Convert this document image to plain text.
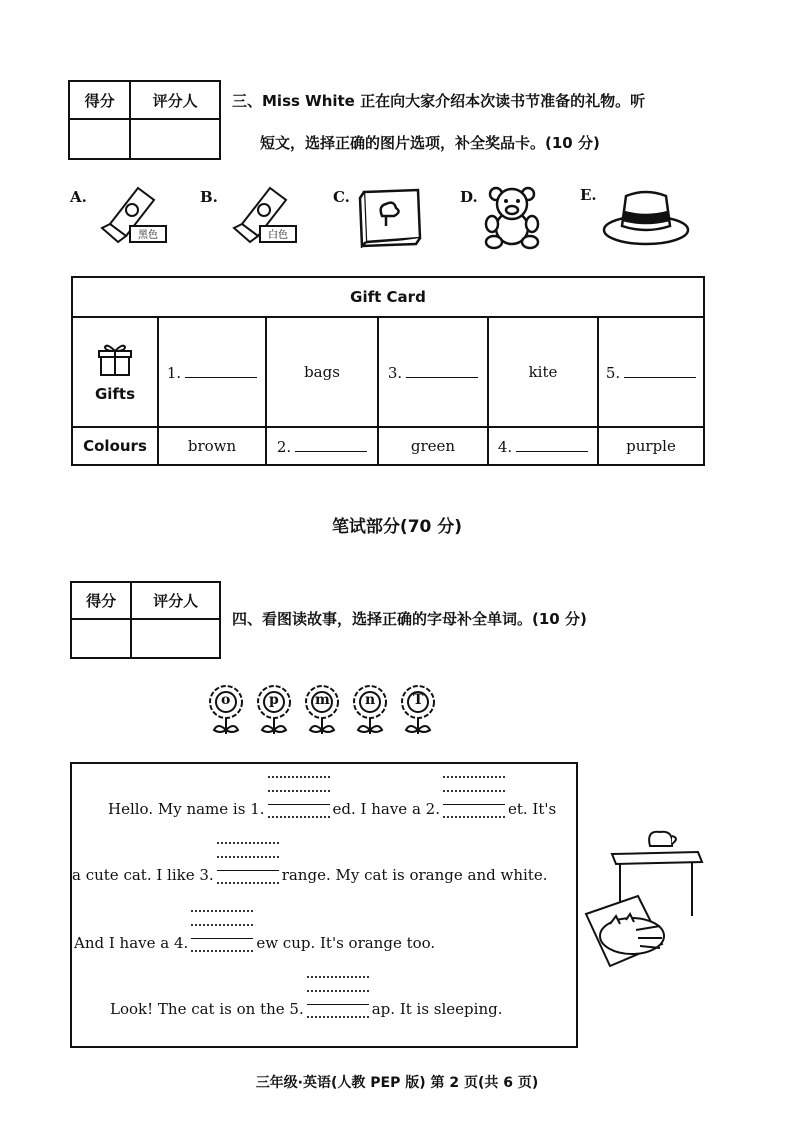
得分	评分人
	三、Miss White 正在向大家介绍本次读书节准备的礼物。听
短文，选择正确的图片选项，补全奖品卡。(10 分)
A.
黑色
B.
白色
C.	D.	E.
Gift Card					

Gifts	1.	bags	3.	kite	5.
Colours	brown	2.	green	4.	purple
笔试部分(70 分)
得分	评分人

四、看图读故事，选择正确的字母补全单词。(10 分)
o	p	m	n	T
Hello. My name is 1.	ed. I have a 2.	et. It's
a cute cat. I like 3.	range. My cat is orange and white.
And I have a 4.	ew cup. It's orange too.
Look! The cat is on the 5.	ap. It is sleeping.
三年级·英语(人教 PEP 版) 第 2 页(共 6 页)
